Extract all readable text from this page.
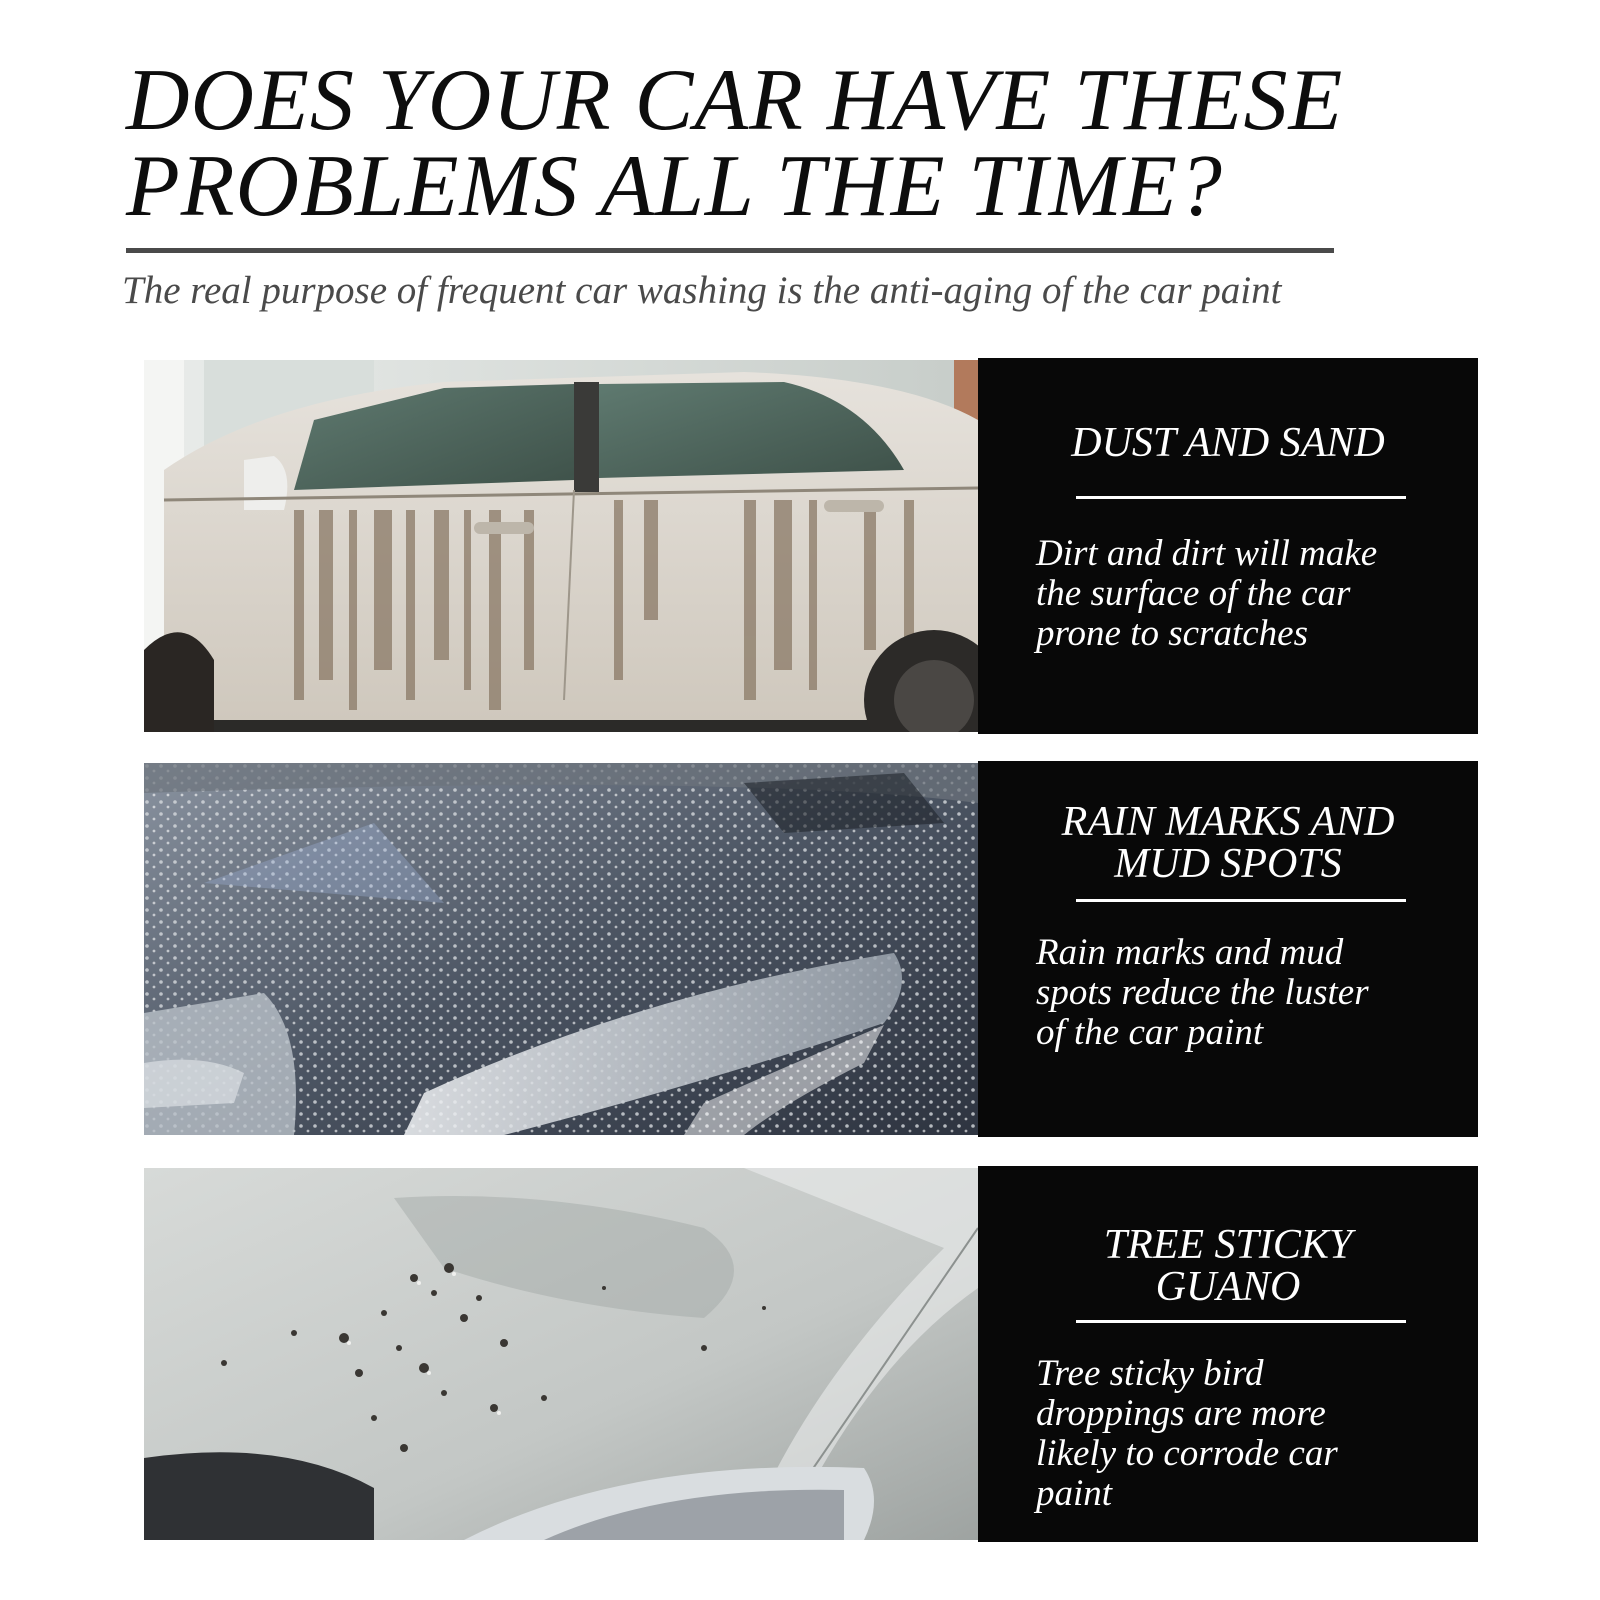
DOES YOUR CAR HAVE THESE
PROBLEMS ALL THE TIME?
The real purpose of frequent car washing is the anti-aging of the car paint
DUST AND SAND
Dirt and dirt will make
the surface of the car
prone to scratches
RAIN MARKS AND
MUD SPOTS
Rain marks and mud
spots reduce the luster
of the car paint
TREE STICKY
GUANO
Tree sticky bird
droppings are more
likely to corrode car
paint
